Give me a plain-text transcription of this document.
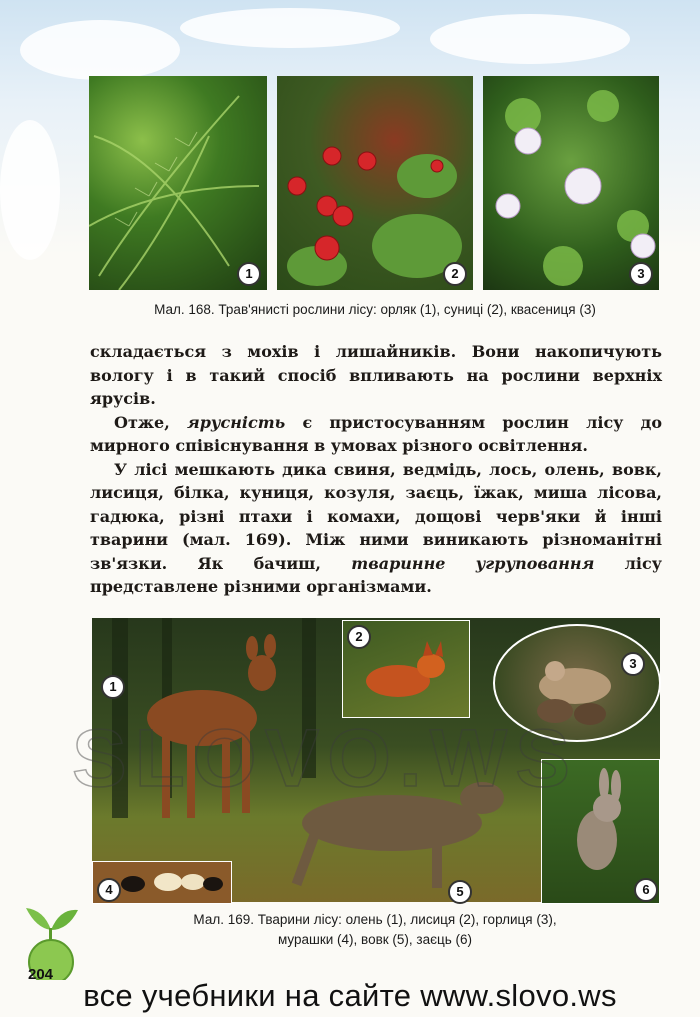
1	2	3
Мал. 168. Трав'янисті рослини лісу: орляк (1), суниці (2), квасениця (3)

складається з мохів і лишайників. Вони накопичують вологу і в такий спосіб впливають на рослини верхніх ярусів.

Отже, ярусність є пристосуванням рослин лісу до мирного співіснування в умовах різного освітлення.

У лісі мешкають дика свиня, ведмідь, лось, олень, вовк, лисиця, білка, куниця, козуля, заєць, їжак, миша лісова, гадюка, різні птахи і комахи, дощові черв'яки й інші тварини (мал. 169). Між ними виникають різноманітні зв'язки. Як бачиш, тваринне угруповання лісу представлене різними організмами.

2
3
4	6
1
5
SLOVO.WS
Мал. 169. Тварини лісу: олень (1), лисиця (2), горлиця (3),
мурашки (4), вовк (5), заєць (6)
204
все учебники на сайте www.slovo.ws
